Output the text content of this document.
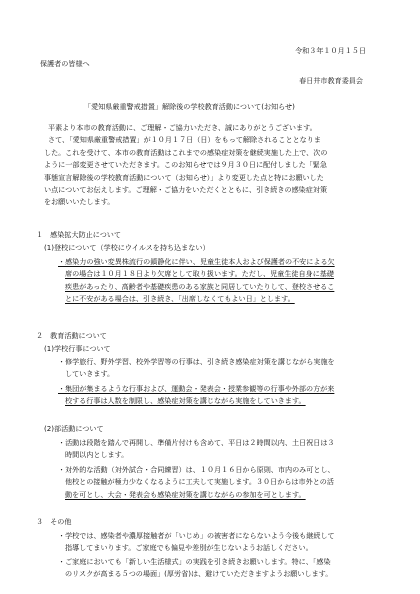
令和３年１０月１５日
保護者の皆様へ
春日井市教育委員会
「愛知県厳重警戒措置」解除後の学校教育活動について(お知らせ)
平素より本市の教育活動に、ご理解・ご協力いただき、誠にありがとうございます。
さて、「愛知県厳重警戒措置」が１０月１７日（日）をもって解除されることとなりま
した。これを受けて、本市の教育活動はこれまでの感染症対策を継続実施した上で、次の
ように一部変更させていただきます。このお知らせでは９月３０日に配付しました「緊急
事態宣言解除後の学校教育活動について（お知らせ）」より変更した点と特にお願いした
い点についてお伝えします。ご理解・ご協力をいただくとともに、引き続きの感染症対策
をお願いいたします。
１　感染拡大防止について
(1)登校について（学校にウイルスを持ち込まない）
・感染力の強い変異株流行の鎮静化に伴い、児童生徒本人および保護者の不安による欠
席の場合は１０月１８日より欠席として取り扱います。ただし、児童生徒自身に基礎
疾患があったり、高齢者や基礎疾患のある家族と同居していたりして、登校させるこ
とに不安がある場合は、引き続き、「出席しなくてもよい日」とします。
２　教育活動について
(1)学校行事について
・修学旅行、野外学習、校外学習等の行事は、引き続き感染症対策を講じながら実施を
していきます。
・集団が集まるような行事および、運動会・発表会・授業参観等の行事や外部の方が来
校する行事は人数を制限し、感染症対策を講じながら実施をしていきます。
(2)部活動について
・活動は段階を踏んで再開し、準備片付けも含めて、平日は２時間以内、土日祝日は３
時間以内とします。
・対外的な活動（対外試合・合同練習）は、１０月１６日から原則、市内のみ可とし、
他校との接触が極力少なくなるように工夫して実施します。３０日からは市外との活
動を可とし、大会・発表会も感染症対策を講じながらの参加を可とします。
３　その他
・学校では、感染者や濃厚接触者が「いじめ」の被害者にならないよう今後も継続して
指導してまいります。ご家庭でも偏見や差別が生じないようお話しください。
・ご家庭においても「新しい生活様式」の実践を引き続きお願いします。特に、「感染
のリスクが高まる５つの場面」(厚労省)は、避けていただきますようお願いします。
